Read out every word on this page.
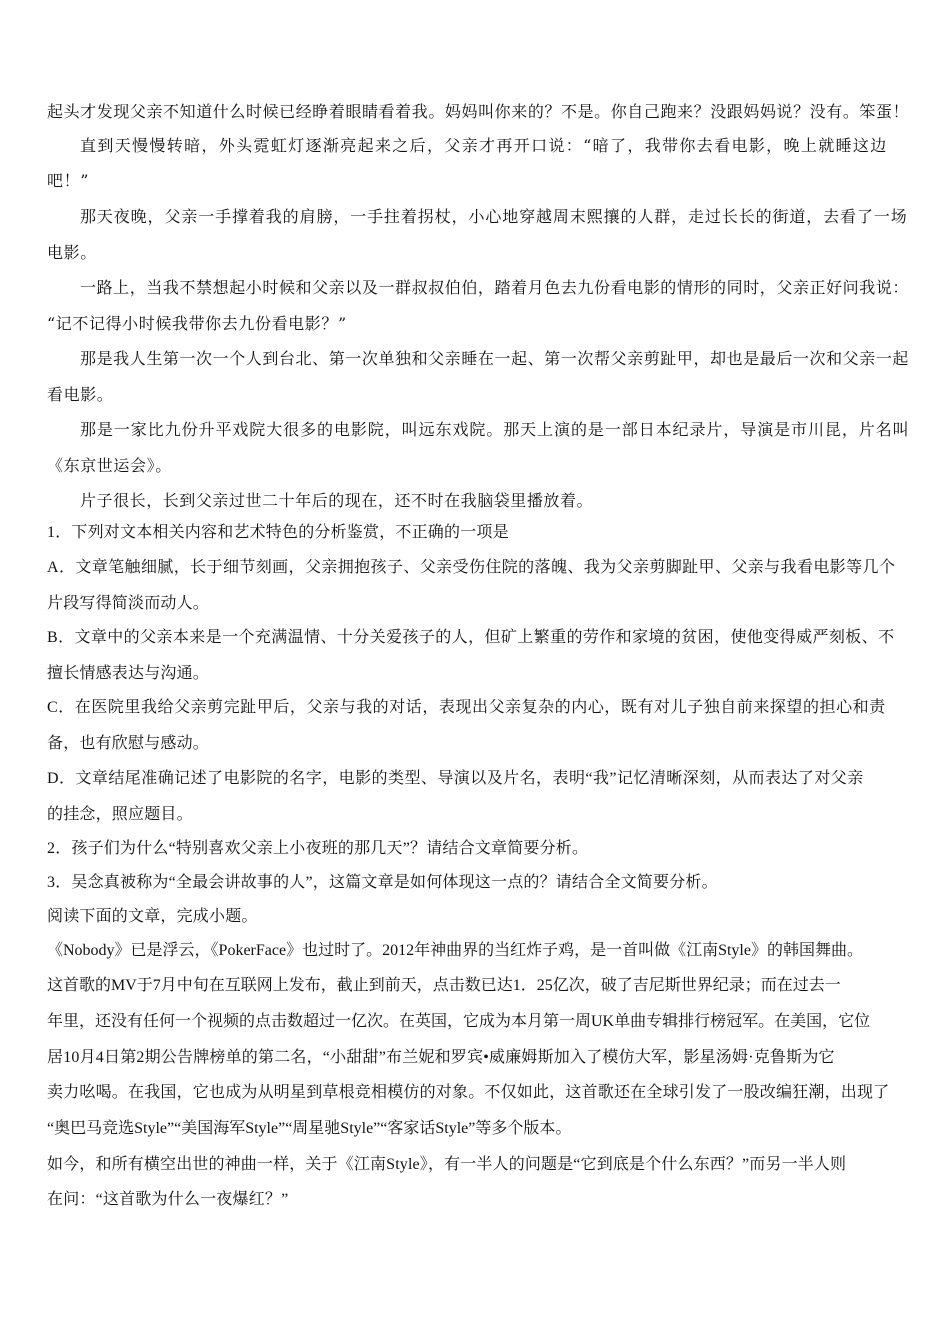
起头才发现父亲不知道什么时候已经睁着眼睛看着我。妈妈叫你来的？不是。你自己跑来？没跟妈妈说？没有。笨蛋！
直到天慢慢转暗，外头霓虹灯逐渐亮起来之后，父亲才再开口说：“暗了，我带你去看电影，晚上就睡这边
吧！”
那天夜晚，父亲一手撑着我的肩膀，一手拄着拐杖，小心地穿越周末熙攘的人群，走过长长的街道，去看了一场
电影。
一路上，当我不禁想起小时候和父亲以及一群叔叔伯伯，踏着月色去九份看电影的情形的同时，父亲正好问我说：
“记不记得小时候我带你去九份看电影？”
那是我人生第一次一个人到台北、第一次单独和父亲睡在一起、第一次帮父亲剪趾甲，却也是最后一次和父亲一起
看电影。
那是一家比九份升平戏院大很多的电影院，叫远东戏院。那天上演的是一部日本纪录片，导演是市川昆，片名叫
《东京世运会》。
片子很长，长到父亲过世二十年后的现在，还不时在我脑袋里播放着。
1．下列对文本相关内容和艺术特色的分析鉴赏，不正确的一项是
A．文章笔触细腻，长于细节刻画，父亲拥抱孩子、父亲受伤住院的落魄、我为父亲剪脚趾甲、父亲与我看电影等几个
片段写得简淡而动人。
B．文章中的父亲本来是一个充满温情、十分关爱孩子的人，但矿上繁重的劳作和家境的贫困，使他变得威严刻板、不
擅长情感表达与沟通。
C．在医院里我给父亲剪完趾甲后，父亲与我的对话，表现出父亲复杂的内心，既有对儿子独自前来探望的担心和责
备，也有欣慰与感动。
D．文章结尾准确记述了电影院的名字，电影的类型、导演以及片名，表明“我”记忆清晰深刻，从而表达了对父亲
的挂念，照应题目。
2．孩子们为什么“特别喜欢父亲上小夜班的那几天”？请结合文章简要分析。
3．吴念真被称为“全最会讲故事的人”，这篇文章是如何体现这一点的？请结合全文简要分析。
阅读下面的文章，完成小题。
《Nobody》已是浮云，《PokerFace》也过时了。2012年神曲界的当红炸子鸡，是一首叫做《江南Style》的韩国舞曲。
这首歌的MV于7月中旬在互联网上发布，截止到前天，点击数已达1．25亿次，破了吉尼斯世界纪录；而在过去一
年里，还没有任何一个视频的点击数超过一亿次。在英国，它成为本月第一周UK单曲专辑排行榜冠军。在美国，它位
居10月4日第2期公告牌榜单的第二名，“小甜甜”布兰妮和罗宾•威廉姆斯加入了模仿大军，影星汤姆·克鲁斯为它
卖力吆喝。在我国，它也成为从明星到草根竞相模仿的对象。不仅如此，这首歌还在全球引发了一股改编狂潮，出现了
“奥巴马竞选Style”“美国海军Style”“周星驰Style”“客家话Style”等多个版本。
如今，和所有横空出世的神曲一样，关于《江南Style》，有一半人的问题是“它到底是个什么东西？”而另一半人则
在问：“这首歌为什么一夜爆红？”
